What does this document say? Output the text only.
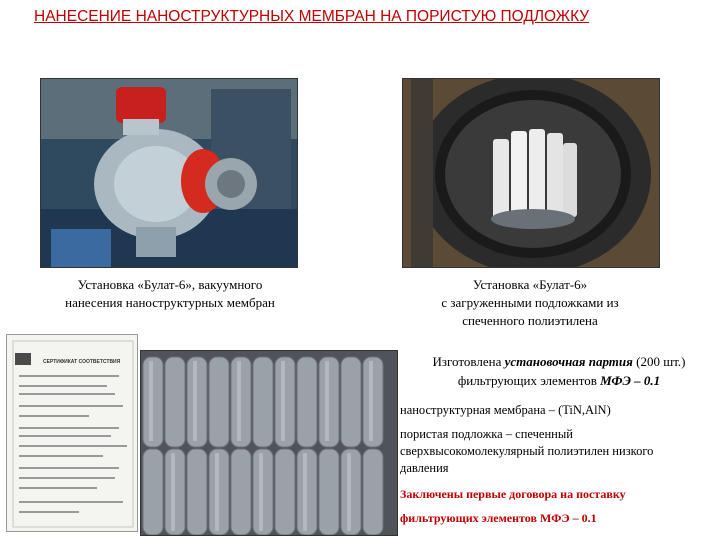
НАНЕСЕНИЕ НАНОСТРУКТУРНЫХ МЕМБРАН НА ПОРИСТУЮ ПОДЛОЖКУ
Установка «Булат-6», вакуумного
нанесения наноструктурных мембран
Установка «Булат-6»
с загруженными подложками из
спеченного полиэтилена
СЕРТИФИКАТ СООТВЕТСТВИЯ	Изготовлена установочная партия (200 шт.)
фильтрующих элементов МФЭ – 0.1
наноструктурная мембрана – (TiN,AlN)
пористая подложка – спеченный сверхвысокомолекулярный полиэтилен низкого давления
Заключены первые договора на поставку
фильтрующих элементов МФЭ – 0.1
